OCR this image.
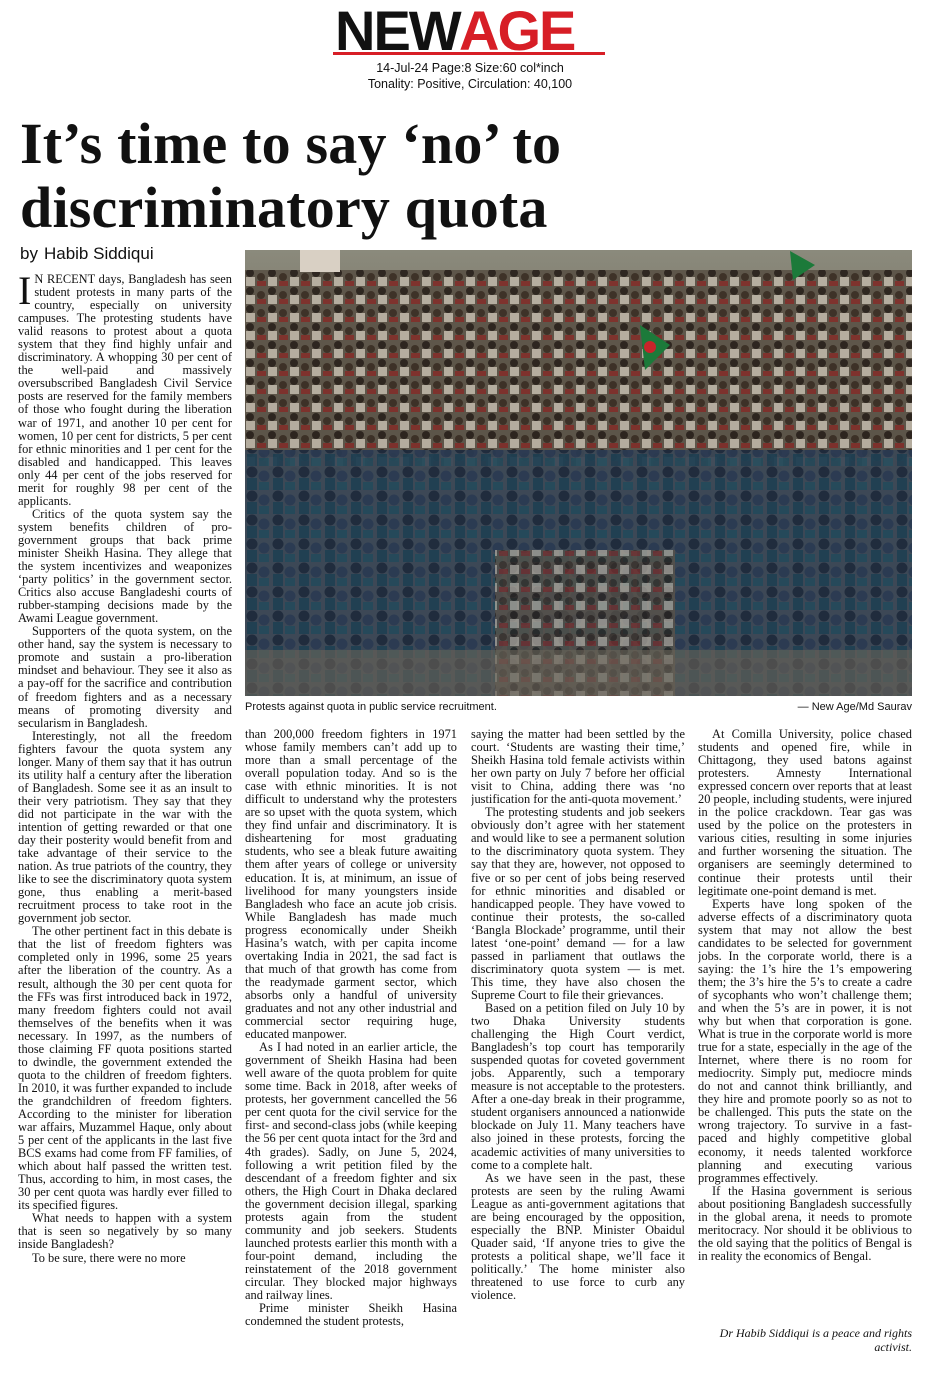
NEW AGE
14-Jul-24 Page:8 Size:60 col*inch
Tonality: Positive, Circulation: 40,100
It’s time to say ‘no’ to discriminatory quota
by Habib Siddiqui
Protests against quota in public service recruitment.	— New Age/Md Saurav

I N RECENT days, Bangladesh has seen student protests in many parts of the country, especially on university campuses. The protesting students have valid reasons to protest about a quota system that they find highly unfair and discriminatory. A whopping 30 per cent of the well-paid and massively oversubscribed Bangladesh Civil Service posts are reserved for the family members of those who fought during the liberation war of 1971, and another 10 per cent for women, 10 per cent for districts, 5 per cent for ethnic minorities and 1 per cent for the disabled and handicapped. This leaves only 44 per cent of the jobs reserved for merit for roughly 98 per cent of the applicants.

Critics of the quota system say the system benefits children of pro-government groups that back prime minister Sheikh Hasina. They allege that the system incentivizes and weaponizes ‘party politics’ in the government sector. Critics also accuse Bangladeshi courts of rubber-stamping decisions made by the Awami League government.

Supporters of the quota system, on the other hand, say the system is necessary to promote and sustain a pro-liberation mindset and behaviour. They see it also as a pay-off for the sacrifice and contribution of freedom fighters and as a necessary means of promoting diversity and secularism in Bangladesh.

Interestingly, not all the freedom fighters favour the quota system any longer. Many of them say that it has outrun its utility half a century after the liberation of Bangladesh. Some see it as an insult to their very patriotism. They say that they did not participate in the war with the intention of getting rewarded or that one day their posterity would benefit from and take advantage of their service to the nation. As true patriots of the country, they like to see the discriminatory quota system gone, thus enabling a merit-based recruitment process to take root in the government job sector.

The other pertinent fact in this debate is that the list of freedom fighters was completed only in 1996, some 25 years after the liberation of the country. As a result, although the 30 per cent quota for the FFs was first introduced back in 1972, many freedom fighters could not avail themselves of the benefits when it was necessary. In 1997, as the numbers of those claiming FF quota positions started to dwindle, the government extended the quota to the children of freedom fighters. In 2010, it was further expanded to include the grandchildren of freedom fighters. According to the minister for liberation war affairs, Muzammel Haque, only about 5 per cent of the applicants in the last five BCS exams had come from FF families, of which about half passed the written test. Thus, according to him, in most cases, the 30 per cent quota was hardly ever filled to its specified figures.

What needs to happen with a system that is seen so negatively by so many inside Bangladesh?

To be sure, there were no more

than 200,000 freedom fighters in 1971 whose family members can’t add up to more than a small percentage of the overall population today. And so is the case with ethnic minorities. It is not difficult to understand why the protesters are so upset with the quota system, which they find unfair and discriminatory. It is disheartening for most graduating students, who see a bleak future awaiting them after years of college or university education. It is, at minimum, an issue of livelihood for many youngsters inside Bangladesh who face an acute job crisis. While Bangladesh has made much progress economically under Sheikh Hasina’s watch, with per capita income overtaking India in 2021, the sad fact is that much of that growth has come from the readymade garment sector, which absorbs only a handful of university graduates and not any other industrial and commercial sector requiring huge, educated manpower.

As I had noted in an earlier article, the government of Sheikh Hasina had been well aware of the quota problem for quite some time. Back in 2018, after weeks of protests, her government cancelled the 56 per cent quota for the civil service for the first- and second-class jobs (while keeping the 56 per cent quota intact for the 3rd and 4th grades). Sadly, on June 5, 2024, following a writ petition filed by the descendant of a freedom fighter and six others, the High Court in Dhaka declared the government decision illegal, sparking protests again from the student community and job seekers. Students launched protests earlier this month with a four-point demand, including the reinstatement of the 2018 government circular. They blocked major highways and railway lines.

Prime minister Sheikh Hasina condemned the student protests,

saying the matter had been settled by the court. ‘Students are wasting their time,’ Sheikh Hasina told female activists within her own party on July 7 before her official visit to China, adding there was ‘no justification for the anti-quota movement.’

The protesting students and job seekers obviously don’t agree with her statement and would like to see a permanent solution to the discriminatory quota system. They say that they are, however, not opposed to five or so per cent of jobs being reserved for ethnic minorities and disabled or handicapped people. They have vowed to continue their protests, the so-called ‘Bangla Blockade’ programme, until their latest ‘one-point’ demand — for a law passed in parliament that outlaws the discriminatory quota system — is met. This time, they have also chosen the Supreme Court to file their grievances.

Based on a petition filed on July 10 by two Dhaka University students challenging the High Court verdict, Bangladesh’s top court has temporarily suspended quotas for coveted government jobs. Apparently, such a temporary measure is not acceptable to the protesters. After a one-day break in their programme, student organisers announced a nationwide blockade on July 11. Many teachers have also joined in these protests, forcing the academic activities of many universities to come to a complete halt.

As we have seen in the past, these protests are seen by the ruling Awami League as anti-government agitations that are being encouraged by the opposition, especially the BNP. Minister Obaidul Quader said, ‘If anyone tries to give the protests a political shape, we’ll face it politically.’ The home minister also threatened to use force to curb any violence.

At Comilla University, police chased students and opened fire, while in Chittagong, they used batons against protesters. Amnesty International expressed concern over reports that at least 20 people, including students, were injured in the police crackdown. Tear gas was used by the police on the protesters in various cities, resulting in some injuries and further worsening the situation. The organisers are seemingly determined to continue their protests until their legitimate one-point demand is met.

Experts have long spoken of the adverse effects of a discriminatory quota system that may not allow the best candidates to be selected for government jobs. In the corporate world, there is a saying: the 1’s hire the 1’s empowering them; the 3’s hire the 5’s to create a cadre of sycophants who won’t challenge them; and when the 5’s are in power, it is not why but when that corporation is gone. What is true in the corporate world is more true for a state, especially in the age of the Internet, where there is no room for mediocrity. Simply put, mediocre minds do not and cannot think brilliantly, and they hire and promote poorly so as not to be challenged. This puts the state on the wrong trajectory. To survive in a fast-paced and highly competitive global economy, it needs talented workforce planning and executing various programmes effectively.

If the Hasina government is serious about positioning Bangladesh successfully in the global arena, it needs to promote meritocracy. Nor should it be oblivious to the old saying that the politics of Bengal is in reality the economics of Bengal.

Dr Habib Siddiqui is a peace and rights activist.
